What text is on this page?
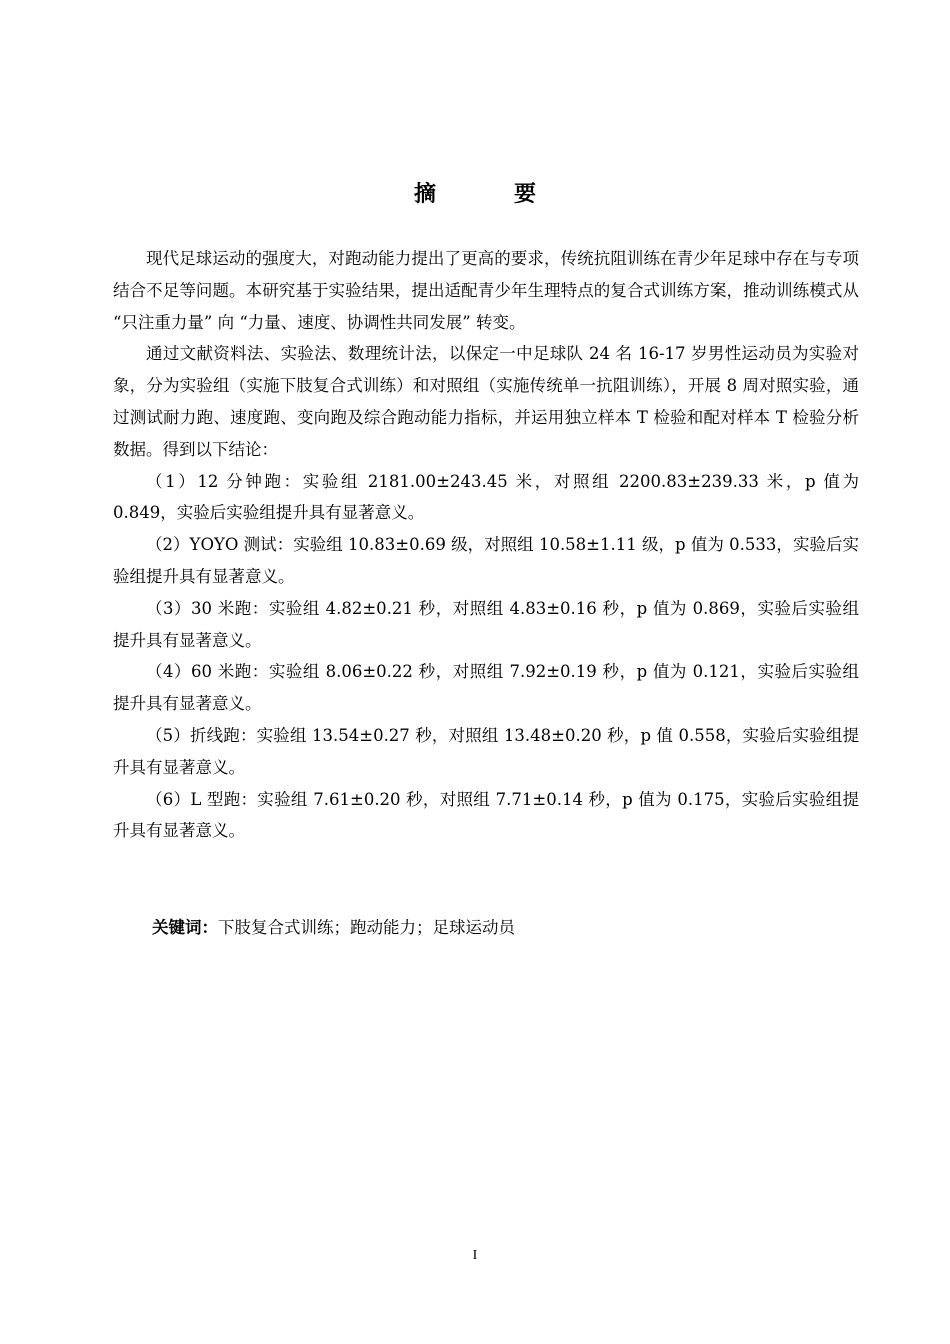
摘　要

现代足球运动的强度大，对跑动能力提出了更高的要求，传统抗阻训练在青少年足球中存在与专项结合不足等问题。本研究基于实验结果，提出适配青少年生理特点的复合式训练方案，推动训练模式从 “只注重力量” 向 “力量、速度、协调性共同发展” 转变。

通过文献资料法、实验法、数理统计法，以保定一中足球队 24 名 16-17 岁男性运动员为实验对象，分为实验组（实施下肢复合式训练）和对照组（实施传统单一抗阻训练），开展 8 周对照实验，通过测试耐力跑、速度跑、变向跑及综合跑动能力指标，并运用独立样本 T 检验和配对样本 T 检验分析数据。得到以下结论：

（1）12 分钟跑：实验组 2181.00±243.45 米，对照组 2200.83±239.33 米，p 值为 0.849，实验后实验组提升具有显著意义。

（2）YOYO 测试：实验组 10.83±0.69 级，对照组 10.58±1.11 级，p 值为 0.533，实验后实验组提升具有显著意义。

（3）30 米跑：实验组 4.82±0.21 秒，对照组 4.83±0.16 秒，p 值为 0.869，实验后实验组提升具有显著意义。

（4）60 米跑：实验组 8.06±0.22 秒，对照组 7.92±0.19 秒，p 值为 0.121，实验后实验组提升具有显著意义。

（5）折线跑：实验组 13.54±0.27 秒，对照组 13.48±0.20 秒，p 值 0.558，实验后实验组提升具有显著意义。

（6）L 型跑：实验组 7.61±0.20 秒，对照组 7.71±0.14 秒，p 值为 0.175，实验后实验组提升具有显著意义。

关键词：下肢复合式训练；跑动能力；足球运动员
I
